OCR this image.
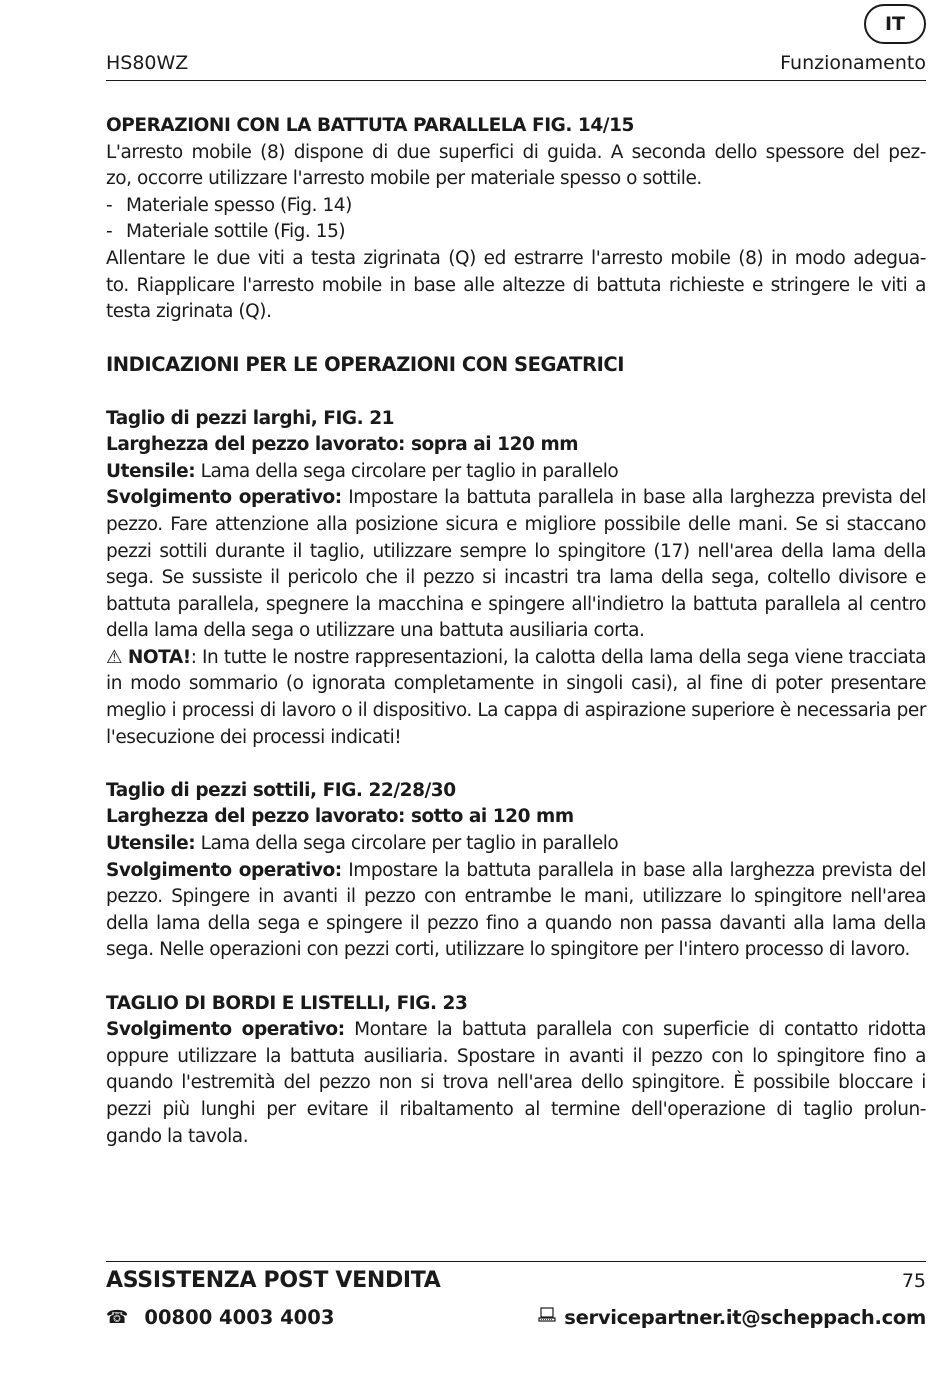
IT
HS80WZ	Funzionamento

OPERAZIONI CON LA BATTUTA PARALLELA FIG. 14/15

L'arresto mobile (8) dispone di due superfici di guida. A seconda dello spessore del pez-

zo, occorre utilizzare l'arresto mobile per materiale spesso o sottile.

- Materiale spesso (Fig. 14)
- Materiale sottile (Fig. 15)

Allentare le due viti a testa zigrinata (Q) ed estrarre l'arresto mobile (8) in modo adegua-

to. Riapplicare l'arresto mobile in base alle altezze di battuta richieste e stringere le viti a

testa zigrinata (Q).

INDICAZIONI PER LE OPERAZIONI CON SEGATRICI

Taglio di pezzi larghi, FIG. 21

Larghezza del pezzo lavorato: sopra ai 120 mm

Utensile: Lama della sega circolare per taglio in parallelo

Svolgimento operativo: Impostare la battuta parallela in base alla larghezza prevista del pezzo. Fare attenzione alla posizione sicura e migliore possibile delle mani. Se si staccano pezzi sottili durante il taglio, utilizzare sempre lo spingitore (17) nell'area della lama della sega. Se sussiste il pericolo che il pezzo si incastri tra lama della sega, coltello divisore e battuta parallela, spegnere la macchina e spingere all'indietro la battuta parallela al centro della lama della sega o utilizzare una battuta ausiliaria corta.

⚠ NOTA!: In tutte le nostre rappresentazioni, la calotta della lama della sega viene tracciata in modo sommario (o ignorata completamente in singoli casi), al fine di poter presentare meglio i processi di lavoro o il dispositivo. La cappa di aspirazione superiore è necessaria per l'esecuzione dei processi indicati!

Taglio di pezzi sottili, FIG. 22/28/30

Larghezza del pezzo lavorato: sotto ai 120 mm

Utensile: Lama della sega circolare per taglio in parallelo

Svolgimento operativo: Impostare la battuta parallela in base alla larghezza prevista del pezzo. Spingere in avanti il pezzo con entrambe le mani, utilizzare lo spingitore nell'area della lama della sega e spingere il pezzo fino a quando non passa davanti alla lama della sega. Nelle operazioni con pezzi corti, utilizzare lo spingitore per l'intero processo di lavoro.

TAGLIO DI BORDI E LISTELLI, FIG. 23

Svolgimento operativo: Montare la battuta parallela con superficie di contatto ridotta oppure utilizzare la battuta ausiliaria. Spostare in avanti il pezzo con lo spingitore fino a quando l'estremità del pezzo non si trova nell'area dello spingitore. È possibile bloccare i pezzi più lunghi per evitare il ribaltamento al termine dell'operazione di taglio prolun-

gando la tavola.

ASSISTENZA POST VENDITA	75
☎ 00800 4003 4003	servicepartner.it@scheppach.com
